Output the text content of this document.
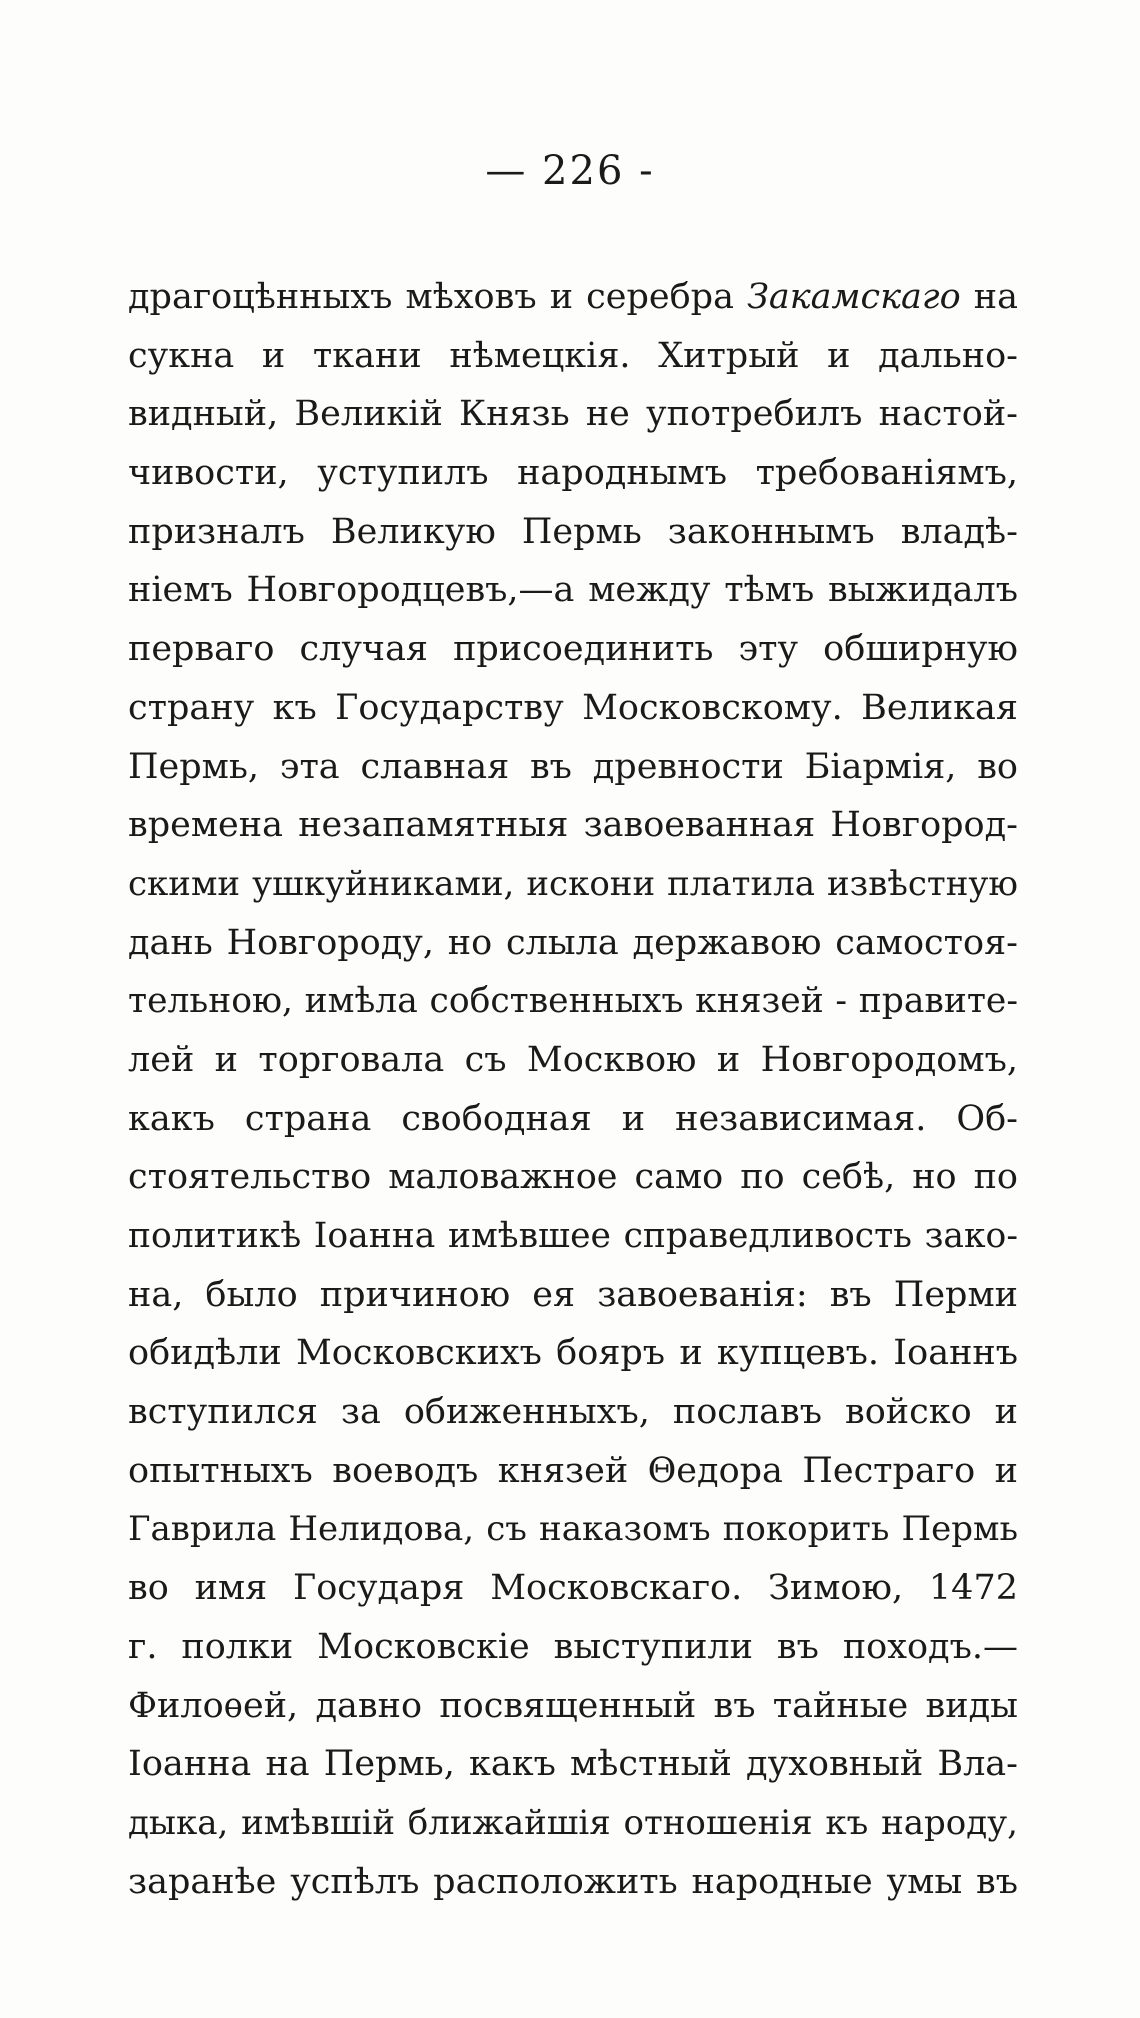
— 226 -
драгоцѣнныхъ мѣховъ и серебра Закамскаго на
сукна и ткани нѣмецкія. Хитрый и дально-
видный, Великій Князь не употребилъ настой-
чивости, уступилъ народнымъ требованіямъ,
призналъ Великую Пермь законнымъ владѣ-
ніемъ Новгородцевъ,—а между тѣмъ выжидалъ
перваго случая присоединить эту обширную
страну къ Государству Московскому. Великая
Пермь, эта славная въ древности Біармія, во
времена незапамятныя завоеванная Новгород-
скими ушкуйниками, искони платила извѣстную
дань Новгороду, но слыла державою самостоя-
тельною, имѣла собственныхъ князей - правите-
лей и торговала съ Москвою и Новгородомъ,
какъ страна свободная и независимая. Об-
стоятельство маловажное само по себѣ, но по
политикѣ Іоанна имѣвшее справедливость зако-
на, было причиною ея завоеванія: въ Перми
обидѣли Московскихъ бояръ и купцевъ. Іоаннъ
вступился за обиженныхъ, пославъ войско и
опытныхъ воеводъ князей Θедора Пестраго и
Гаврила Нелидова, съ наказомъ покорить Пермь
во имя Государя Московскаго. Зимою, 1472
г. полки Московскіе выступили въ походъ.—
Филоѳей, давно посвященный въ тайные виды
Іоанна на Пермь, какъ мѣстный духовный Вла-
дыка, имѣвшій ближайшія отношенія къ народу,
заранѣе успѣлъ расположить народные умы въ
